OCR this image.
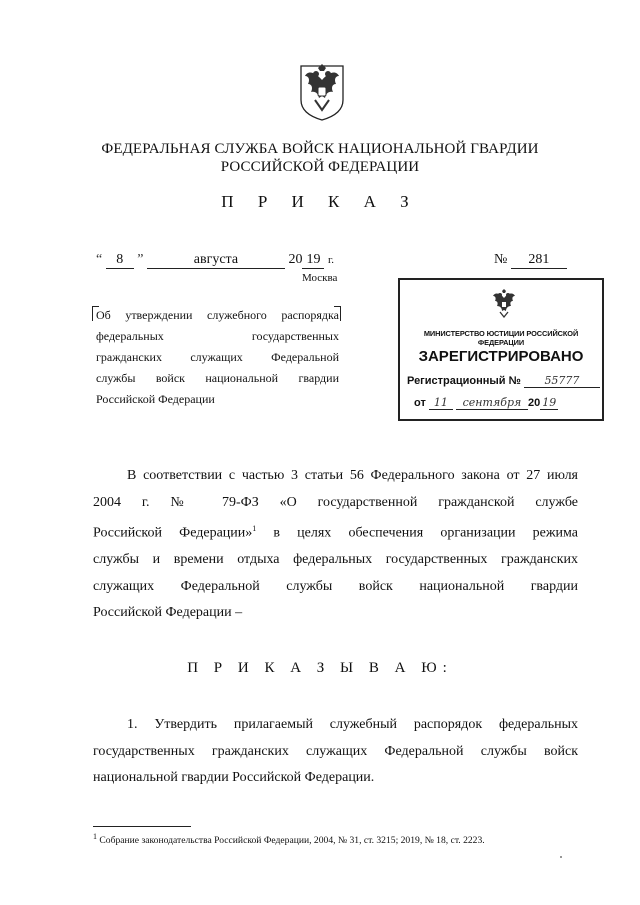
ФЕДЕРАЛЬНАЯ СЛУЖБА ВОЙСК НАЦИОНАЛЬНОЙ ГВАРДИИ
РОССИЙСКОЙ ФЕДЕРАЦИИ
П Р И К А З
“ 8 ”	августа	20 19 г.	№ 281
Москва
Об утверждении служебного распорядка
федеральных государственных
гражданских служащих Федеральной
службы войск национальной гвардии
Российской Федерации
МИНИСТЕРСТВО ЮСТИЦИИ РОССИЙСКОЙ ФЕДЕРАЦИИ
ЗАРЕГИСТРИРОВАНО
Регистрационный № 55777
от 11 сентября 20 19
В соответствии с частью 3 статьи 56 Федерального закона от 27 июля
2004 г. № 79-ФЗ «О государственной гражданской службе
Российской Федерации»$^1$ в целях обеспечения организации режима
службы и времени отдыха федеральных государственных гражданских
служащих Федеральной службы войск национальной гвардии
Российской Федерации –
П Р И К А З Ы В А Ю:
1. Утвердить прилагаемый служебный распорядок федеральных
государственных гражданских служащих Федеральной службы войск
национальной гвардии Российской Федерации.
$^1$ Собрание законодательства Российской Федерации, 2004, № 31, ст. 3215; 2019, № 18, ст. 2223.
